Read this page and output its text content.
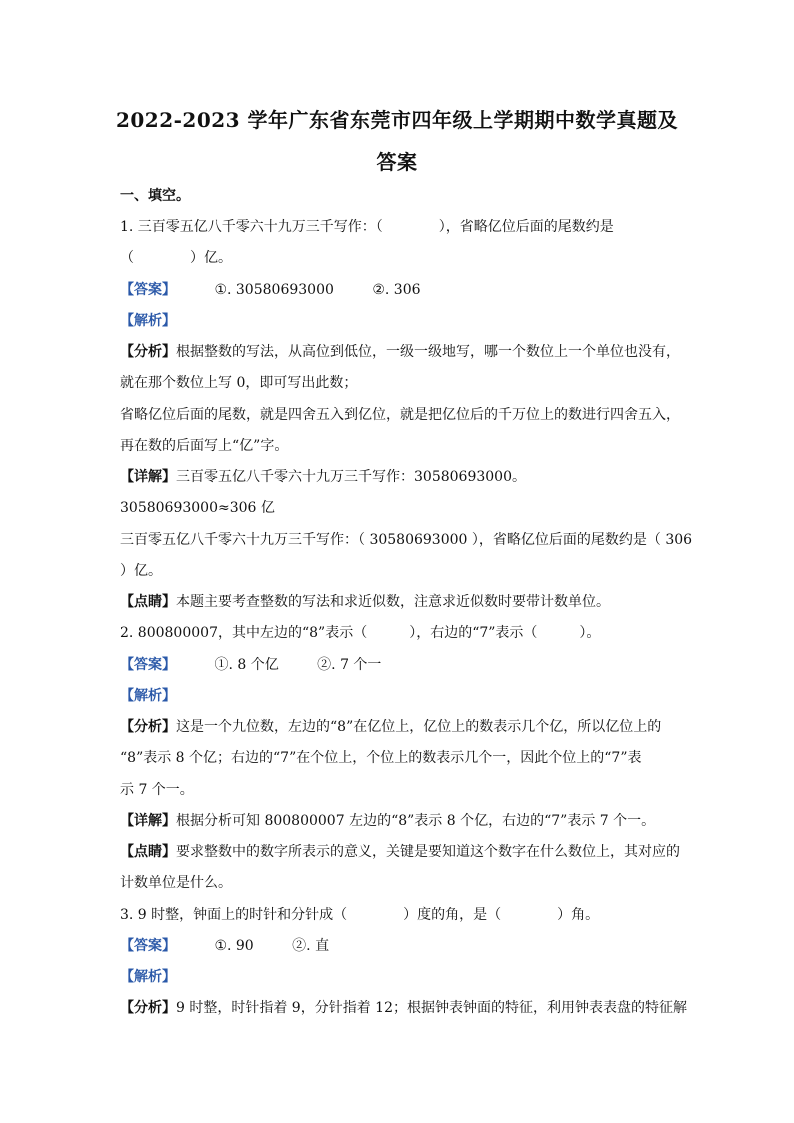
2022-2023 学年广东省东莞市四年级上学期期中数学真题及
答案
一、填空。
1. 三百零五亿八千零六十九万三千写作：（　　　　），省略亿位后面的尾数约是
（　　　　）亿。
【答案】	①. 30580693000	②. 306
【解析】
【分析】根据整数的写法，从高位到低位，一级一级地写，哪一个数位上一个单位也没有，
就在那个数位上写 0，即可写出此数；
省略亿位后面的尾数，就是四舍五入到亿位，就是把亿位后的千万位上的数进行四舍五入，
再在数的后面写上“亿”字。
【详解】三百零五亿八千零六十九万三千写作：30580693000。
30580693000≈306 亿
三百零五亿八千零六十九万三千写作：（ 30580693000 ），省略亿位后面的尾数约是（ 306
）亿。
【点睛】本题主要考查整数的写法和求近似数，注意求近似数时要带计数单位。
2. 800800007，其中左边的“8”表示（　　　），右边的“7”表示（　　　）。
【答案】	①. 8 个亿	②. 7 个一
【解析】
【分析】这是一个九位数，左边的“8”在亿位上，亿位上的数表示几个亿，所以亿位上的
“8”表示 8 个亿；右边的“7”在个位上，个位上的数表示几个一，因此个位上的“7”表
示 7 个一。
【详解】根据分析可知 800800007 左边的“8”表示 8 个亿，右边的“7”表示 7 个一。
【点睛】要求整数中的数字所表示的意义，关键是要知道这个数字在什么数位上，其对应的
计数单位是什么。
3. 9 时整，钟面上的时针和分针成（　　　　）度的角，是（　　　　）角。
【答案】	①. 90	②. 直
【解析】
【分析】9 时整，时针指着 9，分针指着 12；根据钟表钟面的特征，利用钟表表盘的特征解
